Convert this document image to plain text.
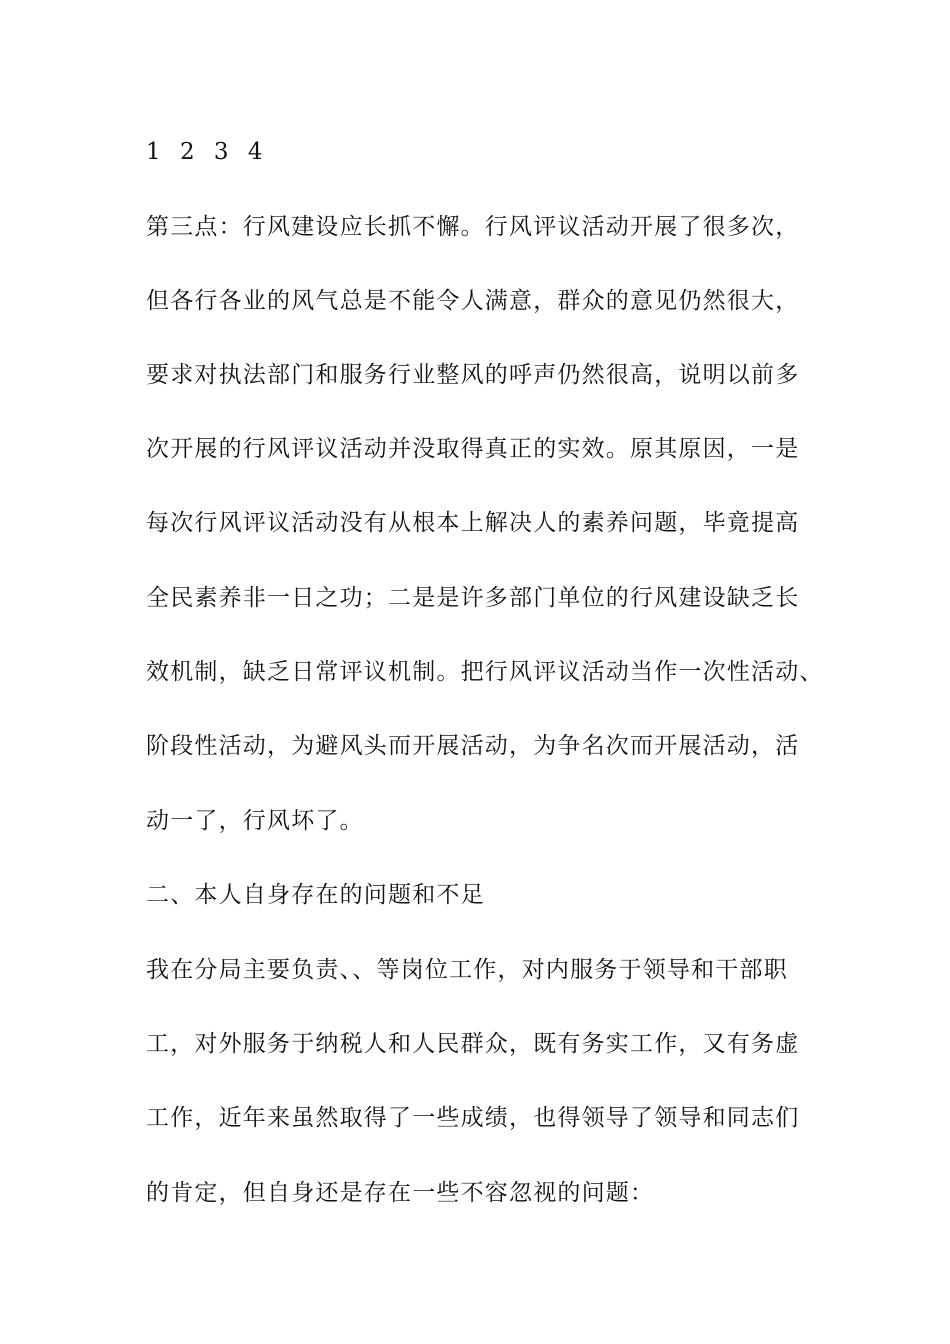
1 2 3 4
第三点：行风建设应长抓不懈。行风评议活动开展了很多次，
但各行各业的风气总是不能令人满意，群众的意见仍然很大，
要求对执法部门和服务行业整风的呼声仍然很高，说明以前多
次开展的行风评议活动并没取得真正的实效。原其原因，一是
每次行风评议活动没有从根本上解决人的素养问题，毕竟提高
全民素养非一日之功；二是是许多部门单位的行风建设缺乏长
效机制，缺乏日常评议机制。把行风评议活动当作一次性活动、
阶段性活动，为避风头而开展活动，为争名次而开展活动，活
动一了，行风坏了。
二、本人自身存在的问题和不足
我在分局主要负责、、等岗位工作，对内服务于领导和干部职
工，对外服务于纳税人和人民群众，既有务实工作，又有务虚
工作，近年来虽然取得了一些成绩，也得领导了领导和同志们
的肯定，但自身还是存在一些不容忽视的问题：
